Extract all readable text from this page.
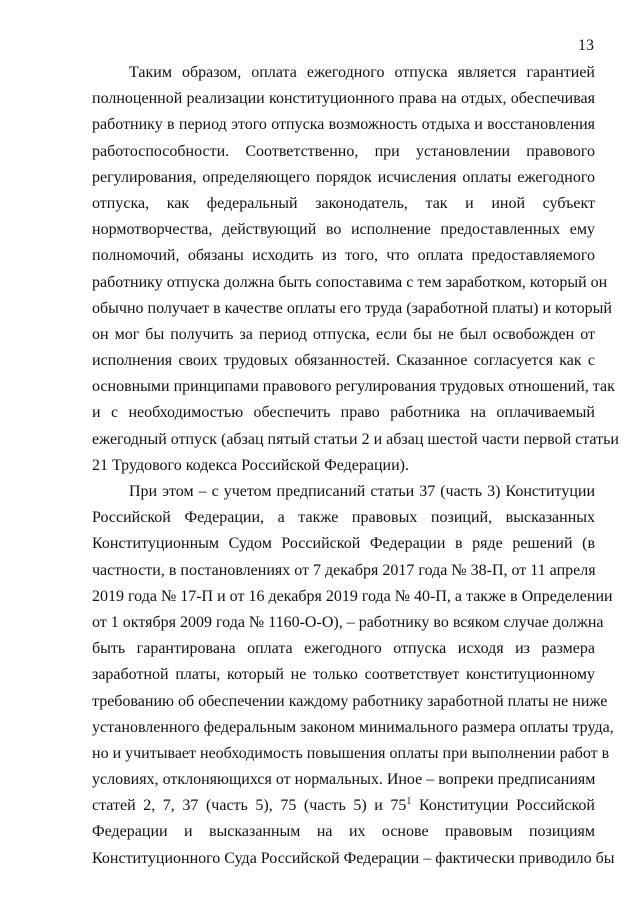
13
Таким образом, оплата ежегодного отпуска является гарантией
полноценной реализации конституционного права на отдых, обеспечивая
работнику в период этого отпуска возможность отдыха и восстановления
работоспособности. Соответственно, при установлении правового
регулирования, определяющего порядок исчисления оплаты ежегодного
отпуска, как федеральный законодатель, так и иной субъект
нормотворчества, действующий во исполнение предоставленных ему
полномочий, обязаны исходить из того, что оплата предоставляемого
работнику отпуска должна быть сопоставима с тем заработком, который он
обычно получает в качестве оплаты его труда (заработной платы) и который
он мог бы получить за период отпуска, если бы не был освобожден от
исполнения своих трудовых обязанностей. Сказанное согласуется как с
основными принципами правового регулирования трудовых отношений, так
и с необходимостью обеспечить право работника на оплачиваемый
ежегодный отпуск (абзац пятый статьи 2 и абзац шестой части первой статьи
21 Трудового кодекса Российской Федерации).
При этом – с учетом предписаний статьи 37 (часть 3) Конституции
Российской Федерации, а также правовых позиций, высказанных
Конституционным Судом Российской Федерации в ряде решений (в
частности, в постановлениях от 7 декабря 2017 года № 38-П, от 11 апреля
2019 года № 17-П и от 16 декабря 2019 года № 40-П, а также в Определении
от 1 октября 2009 года № 1160-О-О), – работнику во всяком случае должна
быть гарантирована оплата ежегодного отпуска исходя из размера
заработной платы, который не только соответствует конституционному
требованию об обеспечении каждому работнику заработной платы не ниже
установленного федеральным законом минимального размера оплаты труда,
но и учитывает необходимость повышения оплаты при выполнении работ в
условиях, отклоняющихся от нормальных. Иное – вопреки предписаниям
статей 2, 7, 37 (часть 5), 75 (часть 5) и $75^1$ Конституции Российской
Федерации и высказанным на их основе правовым позициям
Конституционного Суда Российской Федерации – фактически приводило бы
